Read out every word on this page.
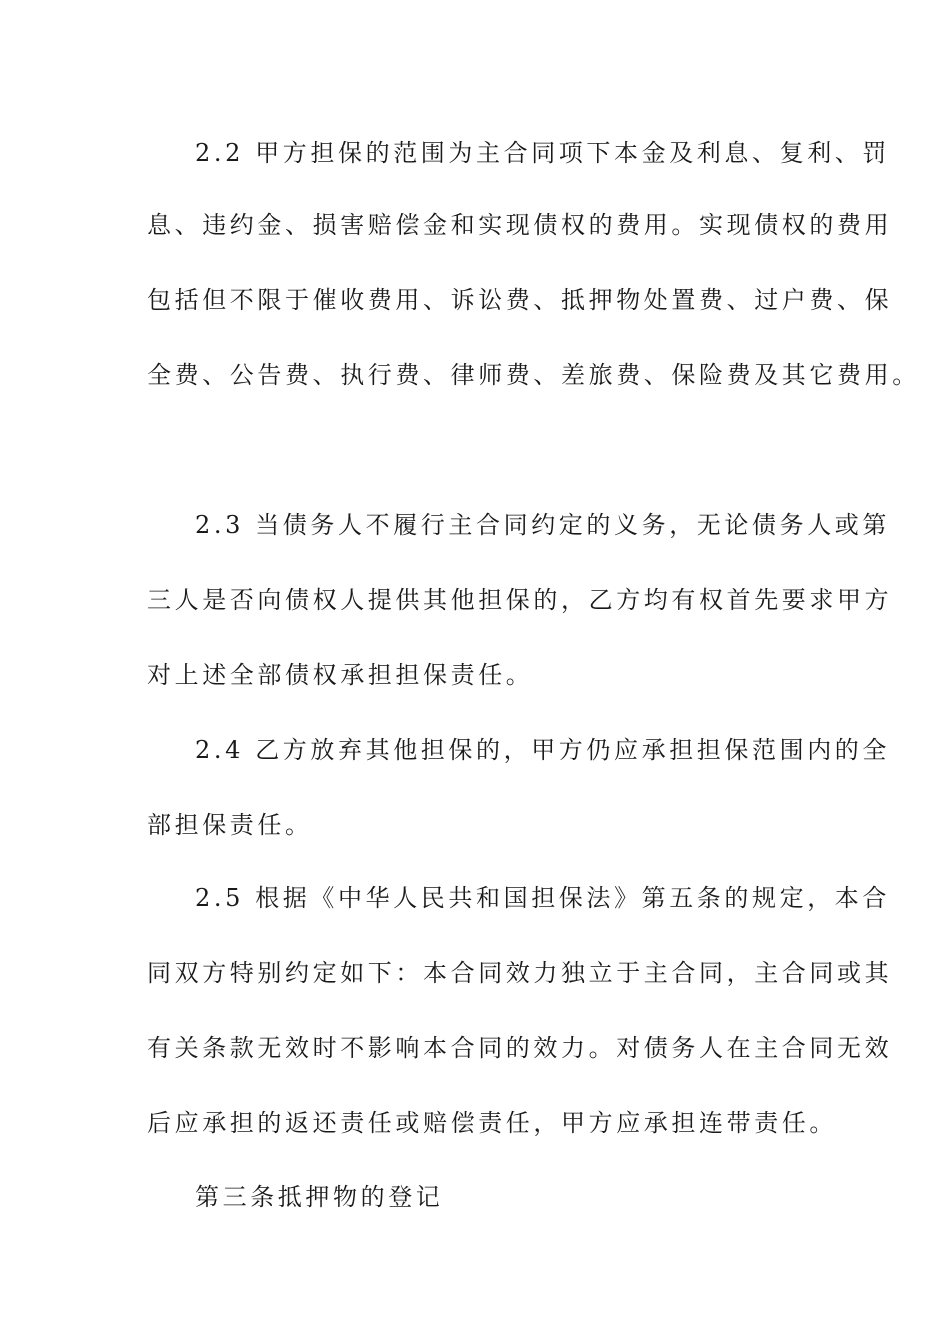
2.2 甲方担保的范围为主合同项下本金及利息、复利、罚
息、违约金、损害赔偿金和实现债权的费用。实现债权的费用
包括但不限于催收费用、诉讼费、抵押物处置费、过户费、保
全费、公告费、执行费、律师费、差旅费、保险费及其它费用。
2.3 当债务人不履行主合同约定的义务，无论债务人或第
三人是否向债权人提供其他担保的，乙方均有权首先要求甲方
对上述全部债权承担担保责任。
2.4 乙方放弃其他担保的，甲方仍应承担担保范围内的全
部担保责任。
2.5 根据《中华人民共和国担保法》第五条的规定，本合
同双方特别约定如下：本合同效力独立于主合同，主合同或其
有关条款无效时不影响本合同的效力。对债务人在主合同无效
后应承担的返还责任或赔偿责任，甲方应承担连带责任。
第三条抵押物的登记
